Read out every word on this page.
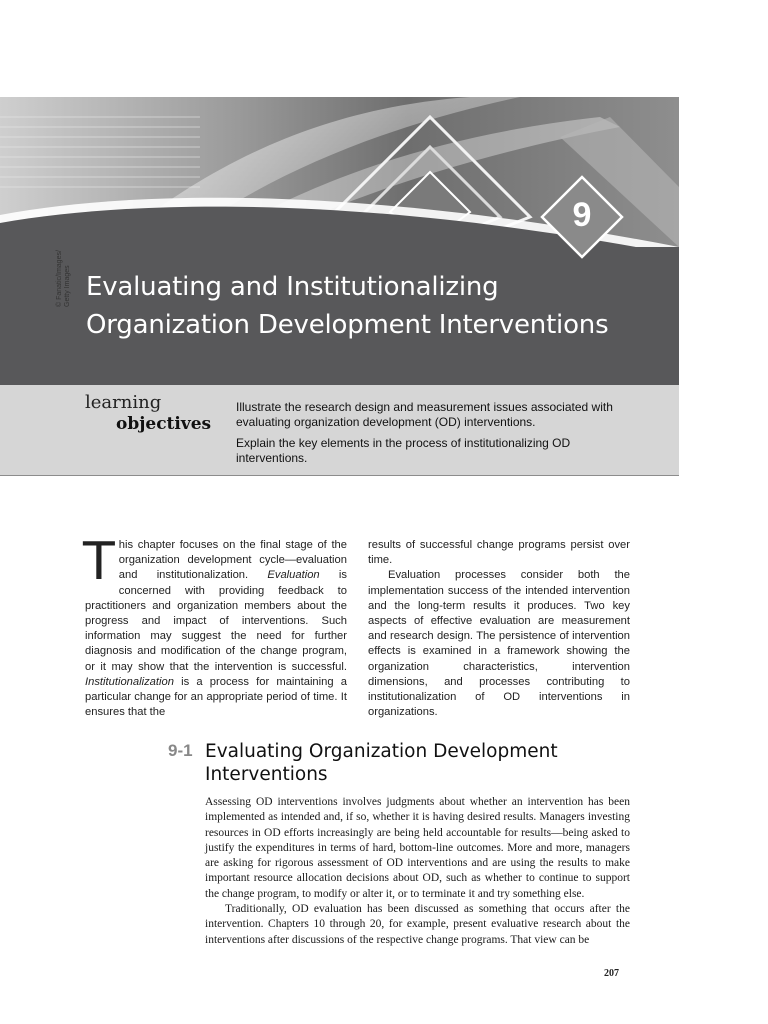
© Fanatic/Images/ Getty Images
9
Evaluating and Institutionalizing
Organization Development Interventions
learning
objectives

Illustrate the research design and measurement issues associated with evaluating organization development (OD) interventions.

Explain the key elements in the process of institutionalizing OD interventions.

This chapter focuses on the final stage of the organization development cycle—evaluation and institutionalization. Evaluation is concerned with providing feedback to practitioners and organization members about the progress and impact of interventions. Such information may suggest the need for further diagnosis and modification of the change program, or it may show that the intervention is successful. Institutionalization is a process for maintaining a particular change for an appropriate period of time. It ensures that the

results of successful change programs persist over time.

Evaluation processes consider both the implementation success of the intended intervention and the long-term results it produces. Two key aspects of effective evaluation are measurement and research design. The persistence of intervention effects is examined in a framework showing the organization characteristics, intervention dimensions, and processes contributing to institutionalization of OD interventions in organizations.

9-1 Evaluating Organization Development
Interventions

Assessing OD interventions involves judgments about whether an intervention has been implemented as intended and, if so, whether it is having desired results. Managers investing resources in OD efforts increasingly are being held accountable for results—being asked to justify the expenditures in terms of hard, bottom-line outcomes. More and more, managers are asking for rigorous assessment of OD interventions and are using the results to make important resource allocation decisions about OD, such as whether to continue to support the change program, to modify or alter it, or to terminate it and try something else.

Traditionally, OD evaluation has been discussed as something that occurs after the intervention. Chapters 10 through 20, for example, present evaluative research about the interventions after discussions of the respective change programs. That view can be

207
